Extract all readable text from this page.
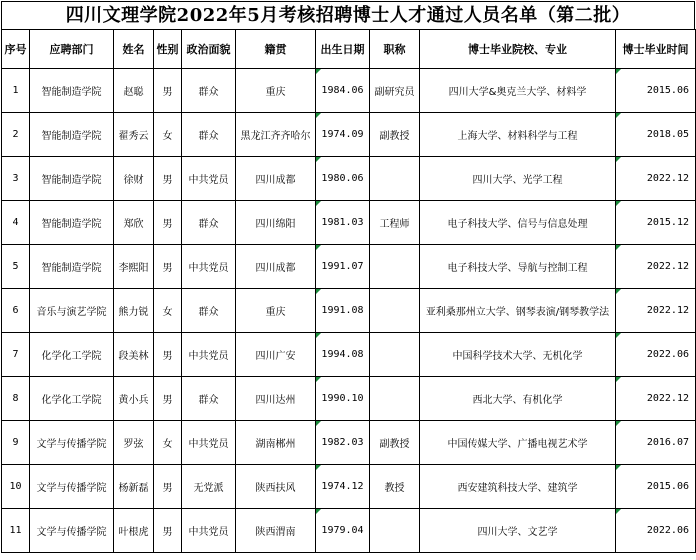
四川文理学院2022年5月考核招聘博士人才通过人员名单（第二批）
序号	应聘部门	姓名	性别	政治面貌	籍贯	出生日期	职称	博士毕业院校、专业	博士毕业时间
1	智能制造学院	赵聪	男	群众	重庆	1984.06	副研究员	四川大学&奥克兰大学、材料学	2015.06
2	智能制造学院	翟秀云	女	群众	黑龙江齐齐哈尔	1974.09	副教授	上海大学、材料科学与工程	2018.05
3	智能制造学院	徐财	男	中共党员	四川成都	1980.06		四川大学、光学工程	2022.12
4	智能制造学院	郑欣	男	群众	四川绵阳	1981.03	工程师	电子科技大学、信号与信息处理	2015.12
5	智能制造学院	李熙阳	男	中共党员	四川成都	1991.07		电子科技大学、导航与控制工程	2022.12
6	音乐与演艺学院	熊力锐	女	群众	重庆	1991.08		亚利桑那州立大学、钢琴表演/钢琴教学法	2022.12
7	化学化工学院	段美林	男	中共党员	四川广安	1994.08		中国科学技术大学、无机化学	2022.06
8	化学化工学院	黄小兵	男	群众	四川达州	1990.10		西北大学、有机化学	2022.12
9	文学与传播学院	罗弦	女	中共党员	湖南郴州	1982.03	副教授	中国传媒大学、广播电视艺术学	2016.07
10	文学与传播学院	杨新磊	男	无党派	陕西扶风	1974.12	教授	西安建筑科技大学、建筑学	2015.06
11	文学与传播学院	叶根虎	男	中共党员	陕西渭南	1979.04		四川大学、文艺学	2022.06
